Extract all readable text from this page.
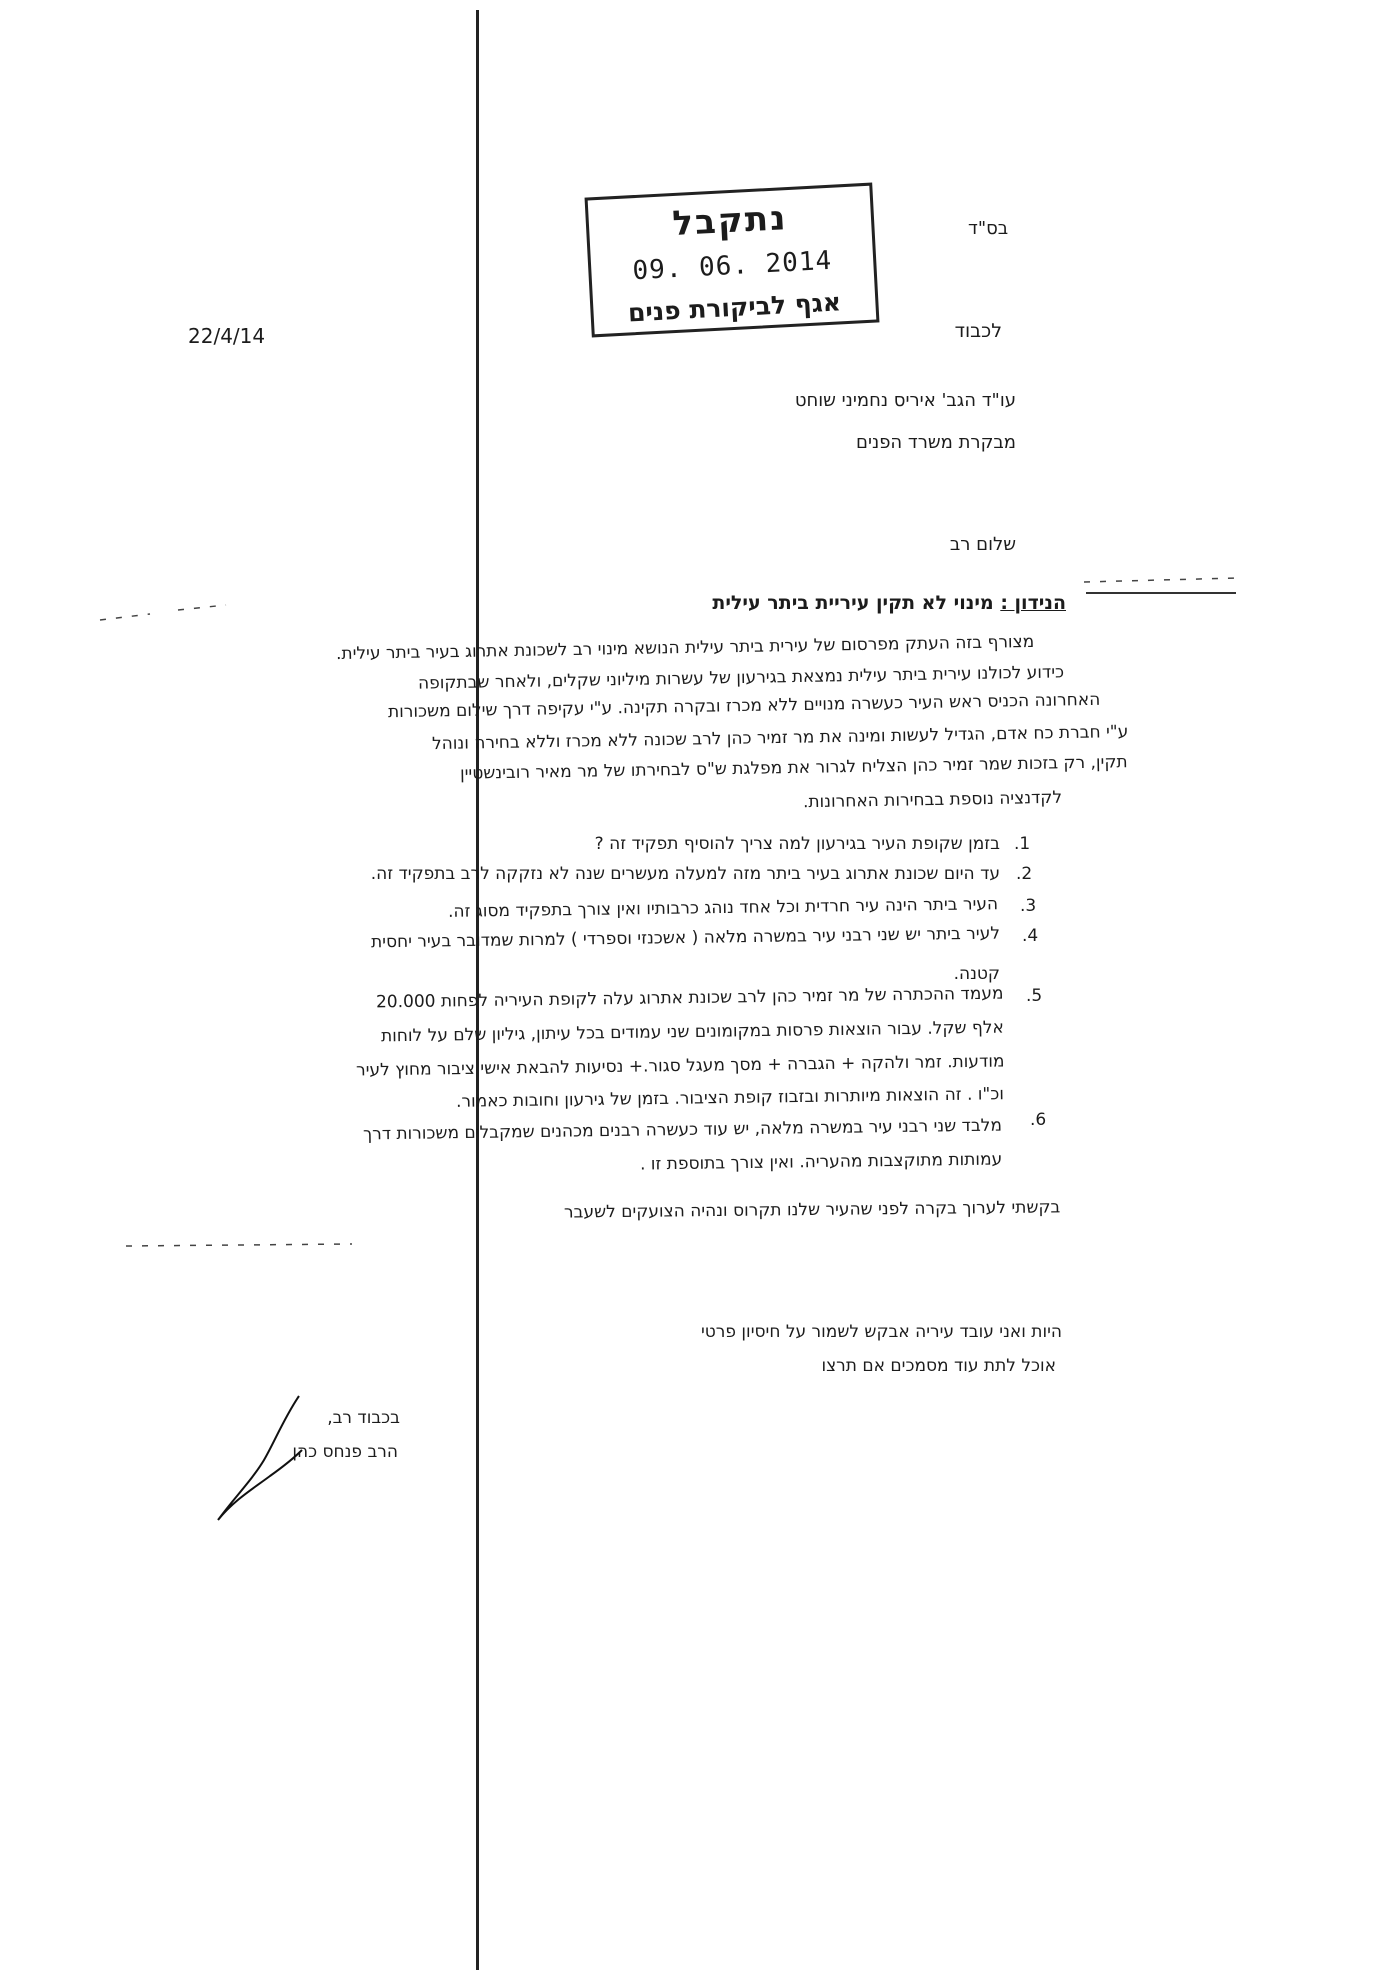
בס"ד
22/4/14
נתקבל
09. 06. 2014
אגף לביקורת פנים
לכבוד
עו"ד הגב' איריס נחמיני שוחט
מבקרת משרד הפנים
שלום רב
הנידון : מינוי לא תקין עיריית ביתר עילית
מצורף בזה העתק מפרסום של עירית ביתר עילית הנושא מינוי רב לשכונת אתרוג בעיר ביתר עילית.
כידוע לכולנו עירית ביתר עילית נמצאת בגירעון של עשרות מיליוני שקלים, ולאחר שבתקופה
האחרונה הכניס ראש העיר כעשרה מנויים ללא מכרז ובקרה תקינה. ע"י עקיפה דרך שילום משכורות
ע"י חברת כח אדם, הגדיל לעשות ומינה את מר זמיר כהן לרב שכונה ללא מכרז וללא בחירה ונוהל
תקין, רק בזכות שמר זמיר כהן הצליח לגרור את מפלגת ש"ס לבחירתו של מר מאיר רובינשטיין
לקדנציה נוספת בבחירות האחרונות.
1.
בזמן שקופת העיר בגירעון למה צריך להוסיף תפקיד זה ?
2.
עד היום שכונת אתרוג בעיר ביתר מזה למעלה מעשרים שנה לא נזקקה לרב בתפקיד זה.
3.
העיר ביתר הינה עיר חרדית וכל אחד נוהג כרבותיו ואין צורך בתפקיד מסוג זה.
4.
לעיר ביתר יש שני רבני עיר במשרה מלאה ( אשכנזי וספרדי ) למרות שמדובר בעיר יחסית
קטנה.
5.
מעמד ההכתרה של מר זמיר כהן לרב שכונת אתרוג עלה לקופת העיריה לפחות 20.000
אלף שקל. עבור הוצאות פרסות במקומונים שני עמודים בכל עיתון, גיליון שלם על לוחות
מודעות. זמר ולהקה + הגברה + מסך מעגל סגור.+ נסיעות להבאת אישי ציבור מחוץ לעיר
וכ"ו . זה הוצאות מיותרות ובזבוז קופת הציבור. בזמן של גירעון וחובות כאמור.
6.
מלבד שני רבני עיר במשרה מלאה, יש עוד כעשרה רבנים מכהנים שמקבלים משכורות דרך
עמותות מתוקצבות מהעריה. ואין צורך בתוספת זו .
בקשתי לערוך בקרה לפני שהעיר שלנו תקרוס ונהיה הצועקים לשעבר
היות ואני עובד עיריה אבקש לשמור על חיסיון פרטי
אוכל לתת עוד מסמכים אם תרצו
בכבוד רב,
הרב פנחס כהן
